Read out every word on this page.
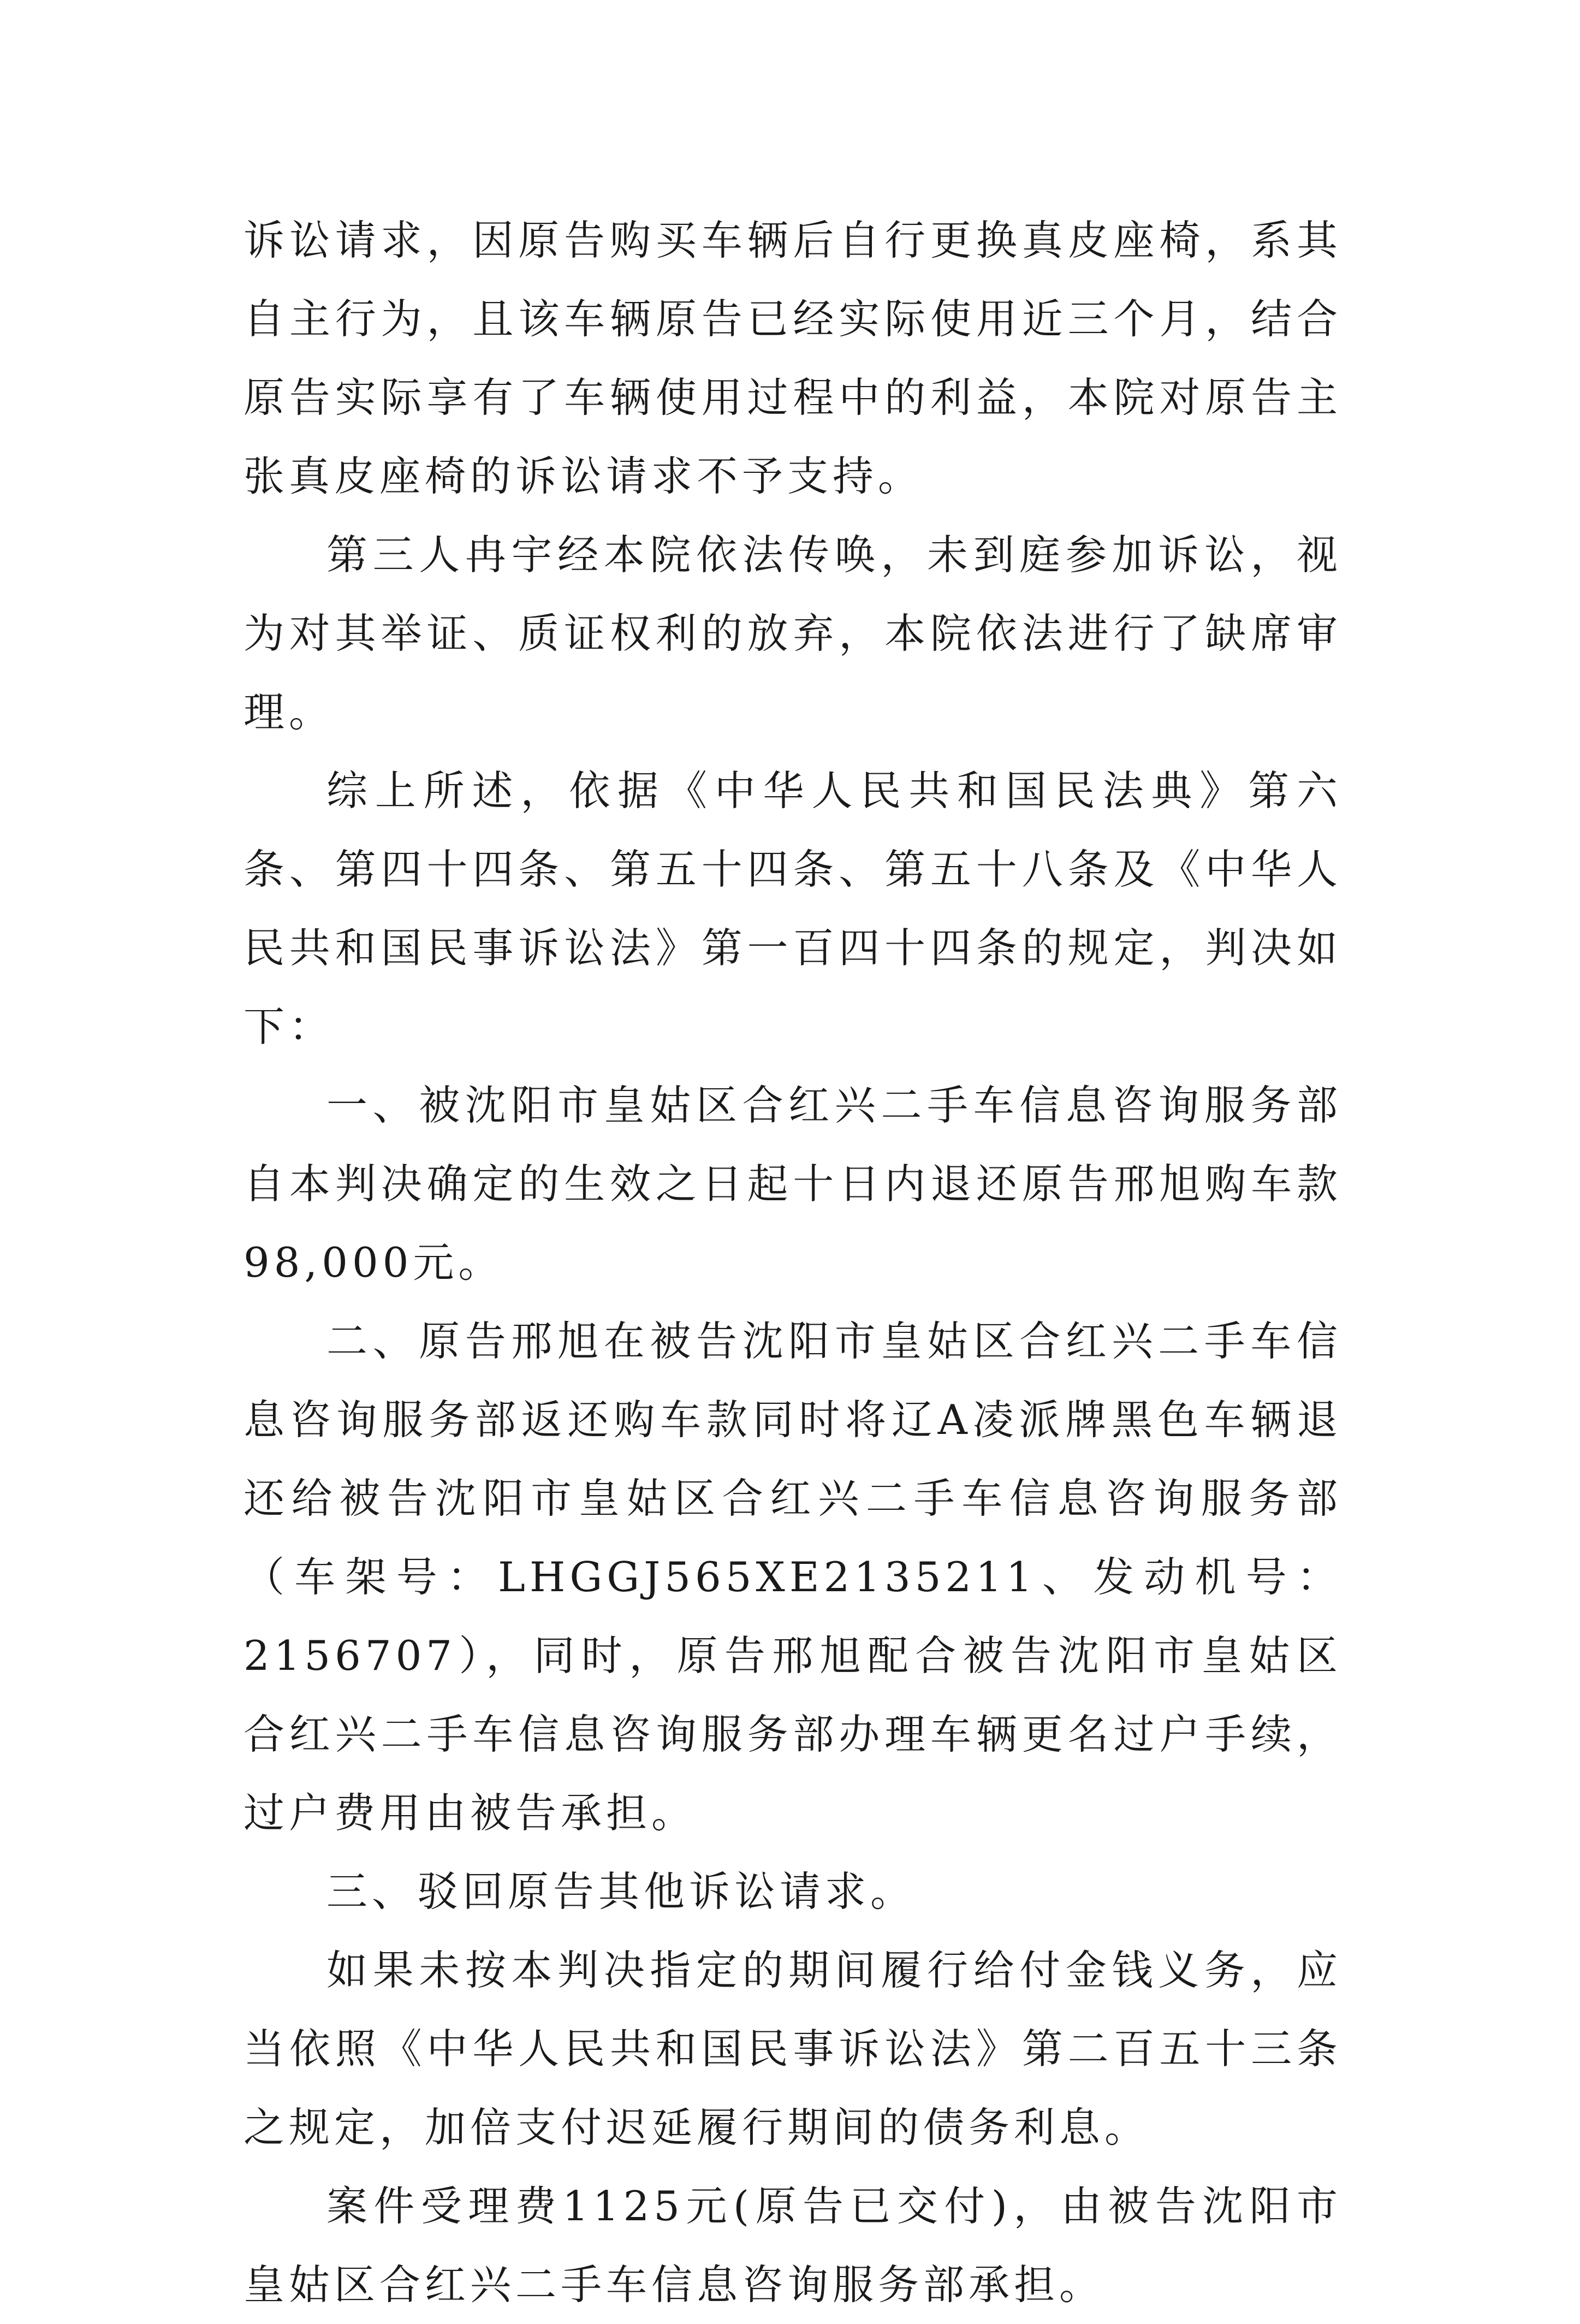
诉讼请求，因原告购买车辆后自行更换真皮座椅，系其自主行为，且该车辆原告已经实际使用近三个月，结合原告实际享有了车辆使用过程中的利益，本院对原告主张真皮座椅的诉讼请求不予支持。

第三人冉宇经本院依法传唤，未到庭参加诉讼，视为对其举证、质证权利的放弃，本院依法进行了缺席审理。

综上所述，依据《中华人民共和国民法典》第六条、第四十四条、第五十四条、第五十八条及《中华人民共和国民事诉讼法》第一百四十四条的规定，判决如下：

一、被沈阳市皇姑区合红兴二手车信息咨询服务部自本判决确定的生效之日起十日内退还原告邢旭购车款98,000元。

二、原告邢旭在被告沈阳市皇姑区合红兴二手车信息咨询服务部返还购车款同时将辽A凌派牌黑色车辆退还给被告沈阳市皇姑区合红兴二手车信息咨询服务部（车架号：LHGGJ565XE2135211、发动机号：2156707），同时，原告邢旭配合被告沈阳市皇姑区合红兴二手车信息咨询服务部办理车辆更名过户手续，过户费用由被告承担。

三、驳回原告其他诉讼请求。

如果未按本判决指定的期间履行给付金钱义务，应当依照《中华人民共和国民事诉讼法》第二百五十三条之规定，加倍支付迟延履行期间的债务利息。

案件受理费1125元(原告已交付)，由被告沈阳市皇姑区合红兴二手车信息咨询服务部承担。
